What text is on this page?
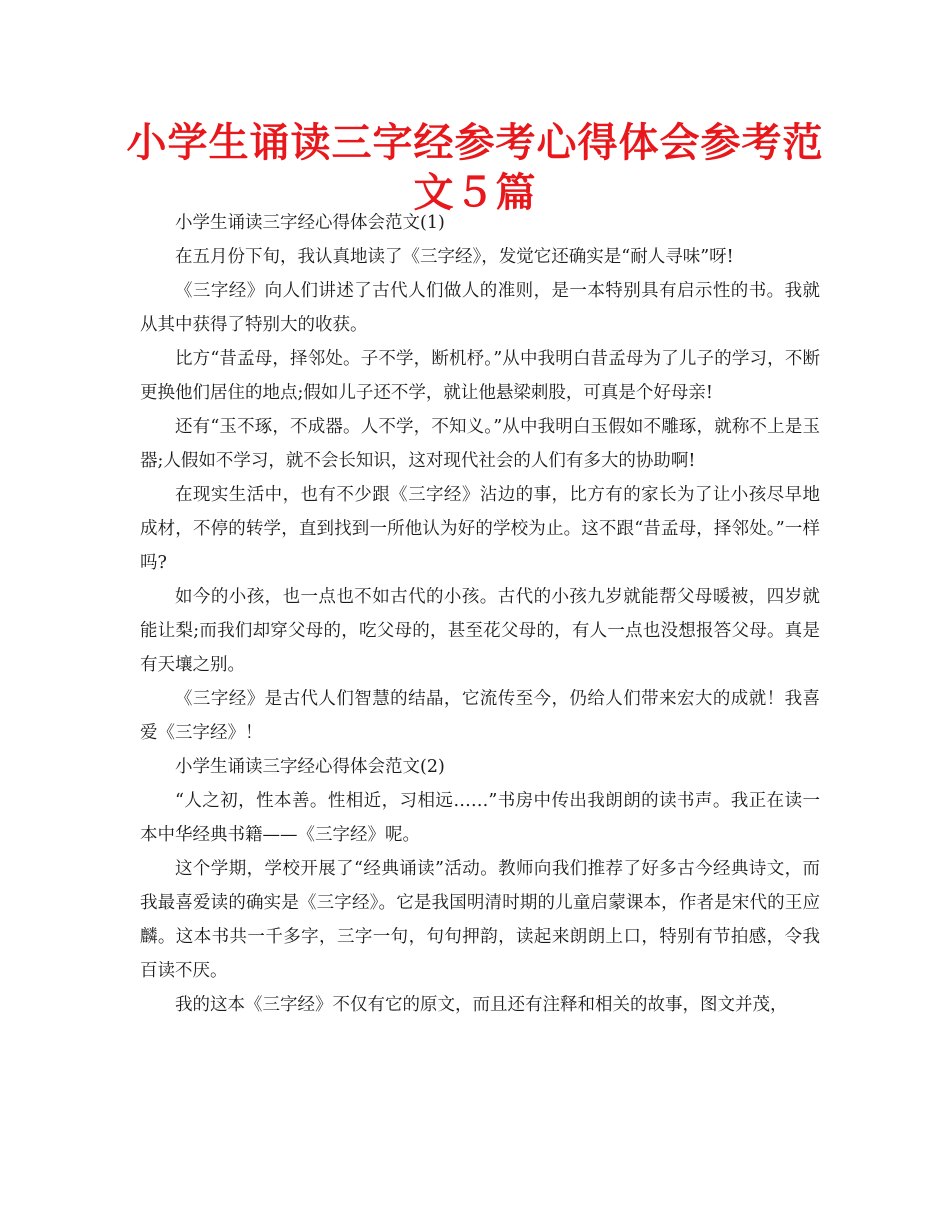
小学生诵读三字经参考心得体会参考范文５篇

小学生诵读三字经心得体会范文(1)

在五月份下旬，我认真地读了《三字经》，发觉它还确实是“耐人寻味”呀!

《三字经》向人们讲述了古代人们做人的准则，是一本特别具有启示性的书。我就从其中获得了特别大的收获。

比方“昔孟母，择邻处。子不学，断机杼。”从中我明白昔孟母为了儿子的学习，不断更换他们居住的地点;假如儿子还不学，就让他悬梁刺股，可真是个好母亲!

还有“玉不琢，不成器。人不学，不知义。”从中我明白玉假如不雕琢，就称不上是玉器;人假如不学习，就不会长知识，这对现代社会的人们有多大的协助啊!

在现实生活中，也有不少跟《三字经》沾边的事，比方有的家长为了让小孩尽早地成材，不停的转学，直到找到一所他认为好的学校为止。这不跟“昔孟母，择邻处。”一样吗?

如今的小孩，也一点也不如古代的小孩。古代的小孩九岁就能帮父母暖被，四岁就能让梨;而我们却穿父母的，吃父母的，甚至花父母的，有人一点也没想报答父母。真是有天壤之别。

《三字经》是古代人们智慧的结晶，它流传至今，仍给人们带来宏大的成就！我喜爱《三字经》！

小学生诵读三字经心得体会范文(2)

“人之初，性本善。性相近，习相远……”书房中传出我朗朗的读书声。我正在读一本中华经典书籍——《三字经》呢。

这个学期，学校开展了“经典诵读”活动。教师向我们推荐了好多古今经典诗文，而我最喜爱读的确实是《三字经》。它是我国明清时期的儿童启蒙课本，作者是宋代的王应麟。这本书共一千多字，三字一句，句句押韵，读起来朗朗上口，特别有节拍感，令我百读不厌。

我的这本《三字经》不仅有它的原文，而且还有注释和相关的故事，图文并茂，
